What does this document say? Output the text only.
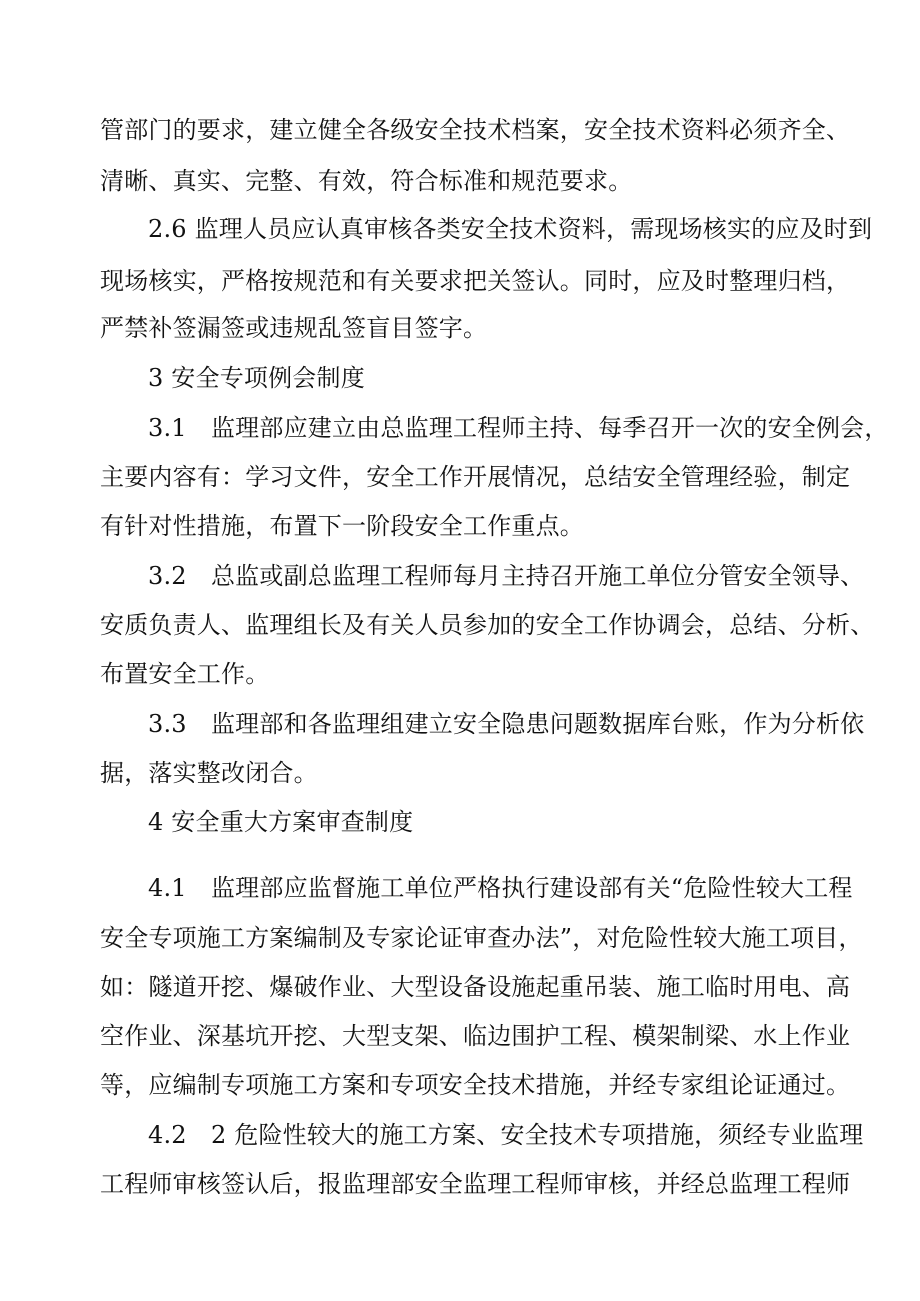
管部门的要求，建立健全各级安全技术档案，安全技术资料必须齐全、
清晰、真实、完整、有效，符合标准和规范要求。
2.6 监理人员应认真审核各类安全技术资料，需现场核实的应及时到
现场核实，严格按规范和有关要求把关签认。同时，应及时整理归档，
严禁补签漏签或违规乱签盲目签字。
3 安全专项例会制度
3.1　监理部应建立由总监理工程师主持、每季召开一次的安全例会，
主要内容有：学习文件，安全工作开展情况，总结安全管理经验，制定
有针对性措施，布置下一阶段安全工作重点。
3.2　总监或副总监理工程师每月主持召开施工单位分管安全领导、
安质负责人、监理组长及有关人员参加的安全工作协调会，总结、分析、
布置安全工作。
3.3　监理部和各监理组建立安全隐患问题数据库台账，作为分析依
据，落实整改闭合。
4 安全重大方案审查制度
4.1　监理部应监督施工单位严格执行建设部有关“危险性较大工程
安全专项施工方案编制及专家论证审查办法”，对危险性较大施工项目，
如：隧道开挖、爆破作业、大型设备设施起重吊装、施工临时用电、高
空作业、深基坑开挖、大型支架、临边围护工程、模架制梁、水上作业
等，应编制专项施工方案和专项安全技术措施，并经专家组论证通过。
4.2　2 危险性较大的施工方案、安全技术专项措施，须经专业监理
工程师审核签认后，报监理部安全监理工程师审核，并经总监理工程师
